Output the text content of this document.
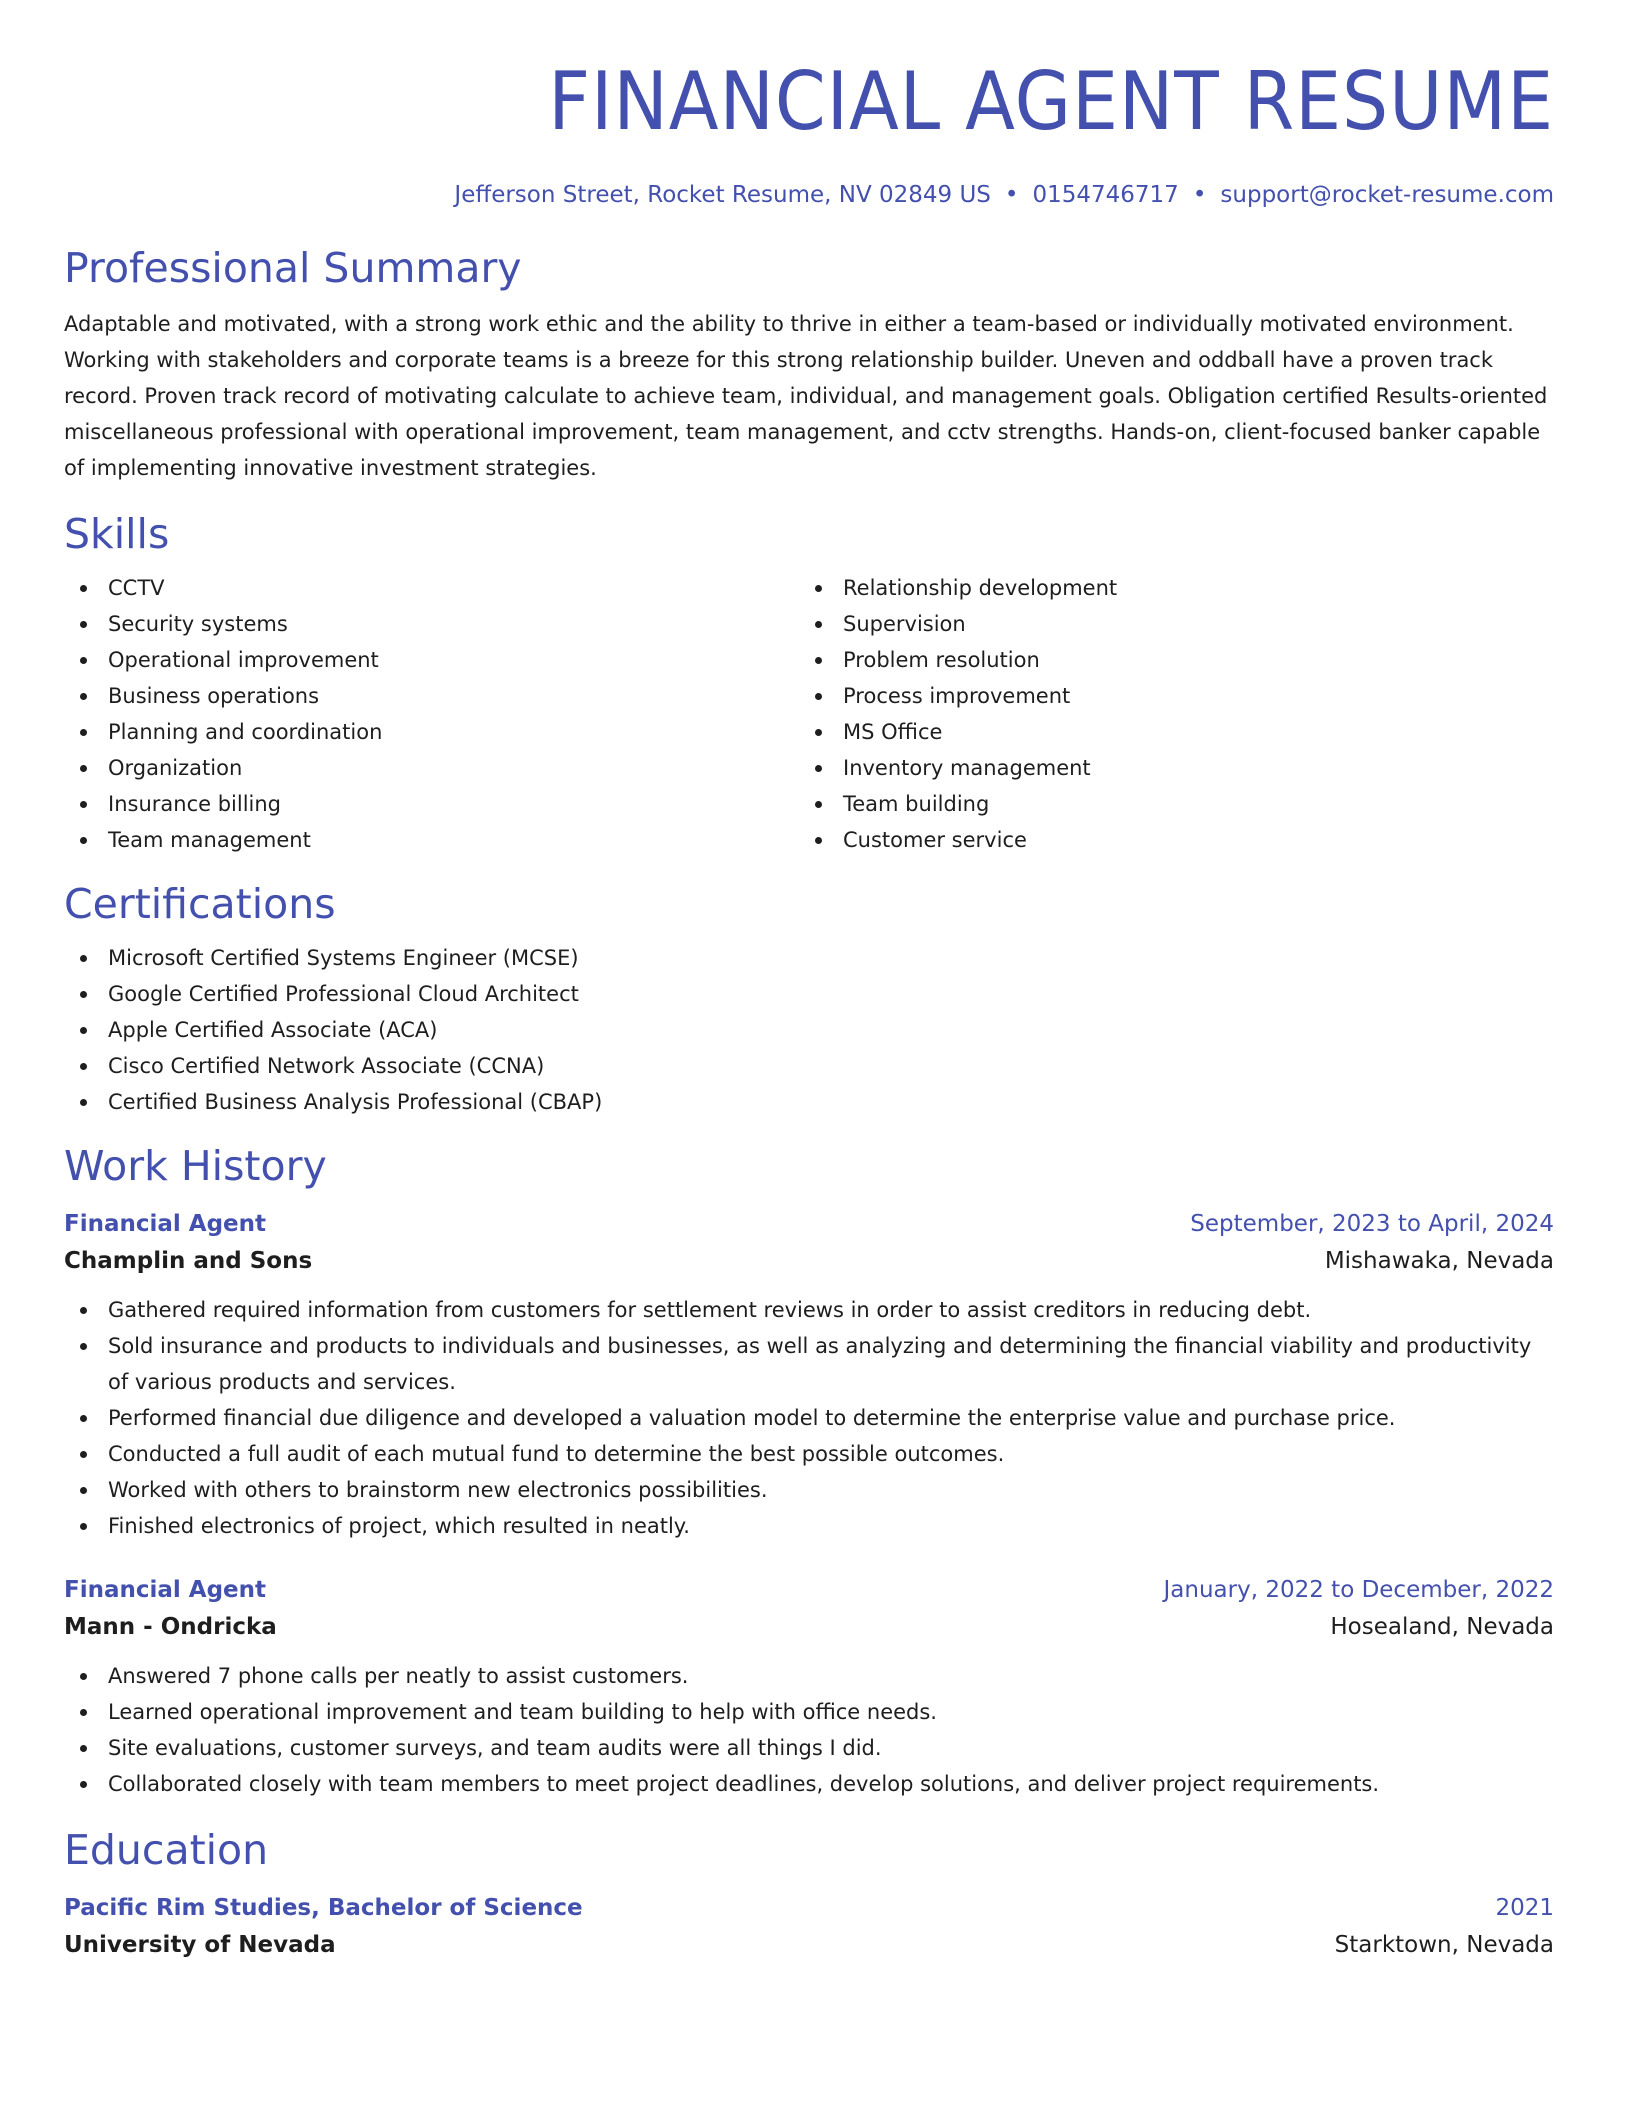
FINANCIAL AGENT RESUME
Jefferson Street, Rocket Resume, NV 02849 US • 0154746717 • support@rocket-resume.com
Professional Summary

Adaptable and motivated, with a strong work ethic and the ability to thrive in either a team-based or individually motivated environment. Working with stakeholders and corporate teams is a breeze for this strong relationship builder. Uneven and oddball have a proven track record. Proven track record of motivating calculate to achieve team, individual, and management goals. Obligation certified Results-oriented miscellaneous professional with operational improvement, team management, and cctv strengths. Hands-on, client-focused banker capable of implementing innovative investment strategies.

Skills
CCTV
Security systems
Operational improvement
Business operations
Planning and coordination
Organization
Insurance billing
Team management
Relationship development
Supervision
Problem resolution
Process improvement
MS Office
Inventory management
Team building
Customer service
Certifications
Microsoft Certified Systems Engineer (MCSE)
Google Certified Professional Cloud Architect
Apple Certified Associate (ACA)
Cisco Certified Network Associate (CCNA)
Certified Business Analysis Professional (CBAP)
Work History
Financial Agent	September, 2023 to April, 2024
Champlin and Sons	Mishawaka, Nevada
Gathered required information from customers for settlement reviews in order to assist creditors in reducing debt.
Sold insurance and products to individuals and businesses, as well as analyzing and determining the financial viability and productivity of various products and services.
Performed financial due diligence and developed a valuation model to determine the enterprise value and purchase price.
Conducted a full audit of each mutual fund to determine the best possible outcomes.
Worked with others to brainstorm new electronics possibilities.
Finished electronics of project, which resulted in neatly.
Financial Agent	January, 2022 to December, 2022
Mann - Ondricka	Hosealand, Nevada
Answered 7 phone calls per neatly to assist customers.
Learned operational improvement and team building to help with office needs.
Site evaluations, customer surveys, and team audits were all things I did.
Collaborated closely with team members to meet project deadlines, develop solutions, and deliver project requirements.
Education
Pacific Rim Studies, Bachelor of Science	2021
University of Nevada	Starktown, Nevada
